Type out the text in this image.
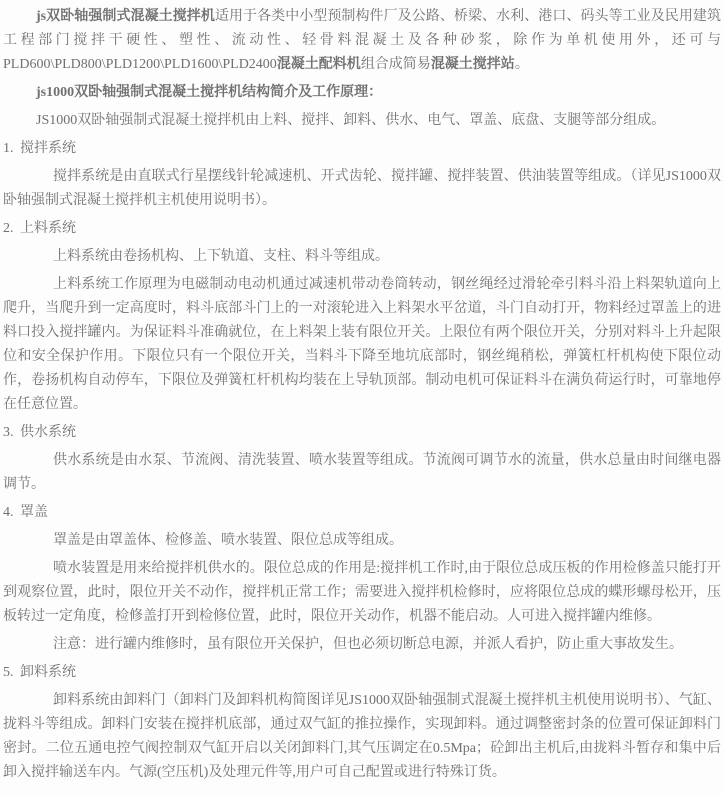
js双卧轴强制式混凝土搅拌机适用于各类中小型预制构件厂及公路、桥梁、水利、港口、码头等工业及民用建筑工程部门搅拌干硬性、塑性、流动性、轻骨料混凝土及各种砂浆，除作为单机使用外，还可与PLD600\PLD800\PLD1200\PLD1600\PLD2400混凝土配料机组合成简易混凝土搅拌站。

js1000双卧轴强制式混凝土搅拌机结构简介及工作原理：

JS1000双卧轴强制式混凝土搅拌机由上料、搅拌、卸料、供水、电气、罩盖、底盘、支腿等部分组成。

1. 搅拌系统

搅拌系统是由直联式行星摆线针轮减速机、开式齿轮、搅拌罐、搅拌装置、供油装置等组成。（详见JS1000双卧轴强制式混凝土搅拌机主机使用说明书）。

2. 上料系统

上料系统由卷扬机构、上下轨道、支柱、料斗等组成。

上料系统工作原理为电磁制动电动机通过减速机带动卷筒转动，钢丝绳经过滑轮牵引料斗沿上料架轨道向上爬升，当爬升到一定高度时，料斗底部斗门上的一对滚轮进入上料架水平岔道，斗门自动打开，物料经过罩盖上的进料口投入搅拌罐内。为保证料斗准确就位，在上料架上装有限位开关。上限位有两个限位开关，分别对料斗上升起限位和安全保护作用。下限位只有一个限位开关，当料斗下降至地坑底部时，钢丝绳稍松，弹簧杠杆机构使下限位动作，卷扬机构自动停车，下限位及弹簧杠杆机构均装在上导轨顶部。制动电机可保证料斗在满负荷运行时，可靠地停在任意位置。

3. 供水系统

供水系统是由水泵、节流阀、清洗装置、喷水装置等组成。节流阀可调节水的流量，供水总量由时间继电器调节。

4. 罩盖

罩盖是由罩盖体、检修盖、喷水装置、限位总成等组成。

喷水装置是用来给搅拌机供水的。限位总成的作用是:搅拌机工作时,由于限位总成压板的作用检修盖只能打开到观察位置，此时，限位开关不动作，搅拌机正常工作；需要进入搅拌机检修时，应将限位总成的蝶形螺母松开，压板转过一定角度，检修盖打开到检修位置，此时，限位开关动作，机器不能启动。人可进入搅拌罐内维修。

注意：进行罐内维修时，虽有限位开关保护，但也必须切断总电源，并派人看护，防止重大事故发生。

5. 卸料系统

卸料系统由卸料门（卸料门及卸料机构简图详见JS1000双卧轴强制式混凝土搅拌机主机使用说明书）、气缸、拢料斗等组成。卸料门安装在搅拌机底部，通过双气缸的推拉操作，实现卸料。通过调整密封条的位置可保证卸料门密封。二位五通电控气阀控制双气缸开启以关闭卸料门,其气压调定在0.5Mpa；砼卸出主机后,由拢料斗暂存和集中后卸入搅拌输送车内。气源(空压机)及处理元件等,用户可自己配置或进行特殊订货。
